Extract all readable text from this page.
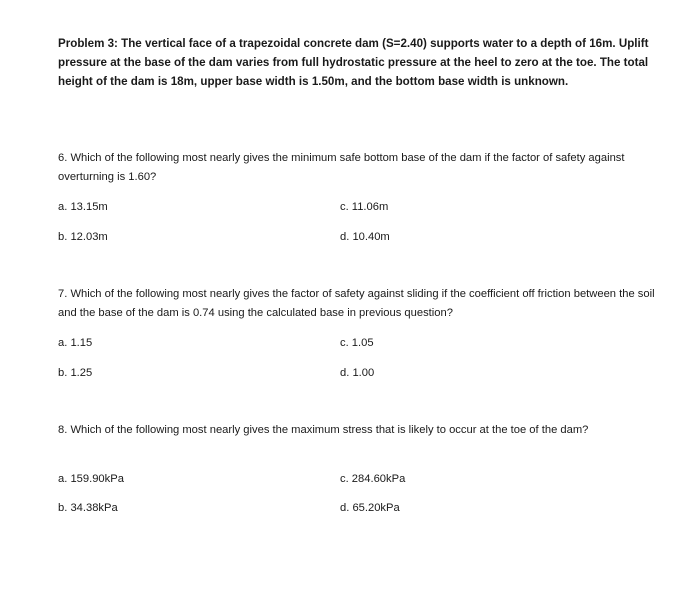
Problem 3: The vertical face of a trapezoidal concrete dam (S=2.40) supports water to a depth of 16m. Uplift pressure at the base of the dam varies from full hydrostatic pressure at the heel to zero at the toe. The total height of the dam is 18m, upper base width is 1.50m, and the bottom base width is unknown.

6. Which of the following most nearly gives the minimum safe bottom base of the dam if the factor of safety against overturning is 1.60?

a. 13.15m	c. 11.06m
b. 12.03m	d. 10.40m

7. Which of the following most nearly gives the factor of safety against sliding if the coefficient off friction between the soil and the base of the dam is 0.74 using the calculated base in previous question?

a. 1.15	c. 1.05
b. 1.25	d. 1.00

8. Which of the following most nearly gives the maximum stress that is likely to occur at the toe of the dam?

a. 159.90kPa	c. 284.60kPa
b. 34.38kPa	d. 65.20kPa
